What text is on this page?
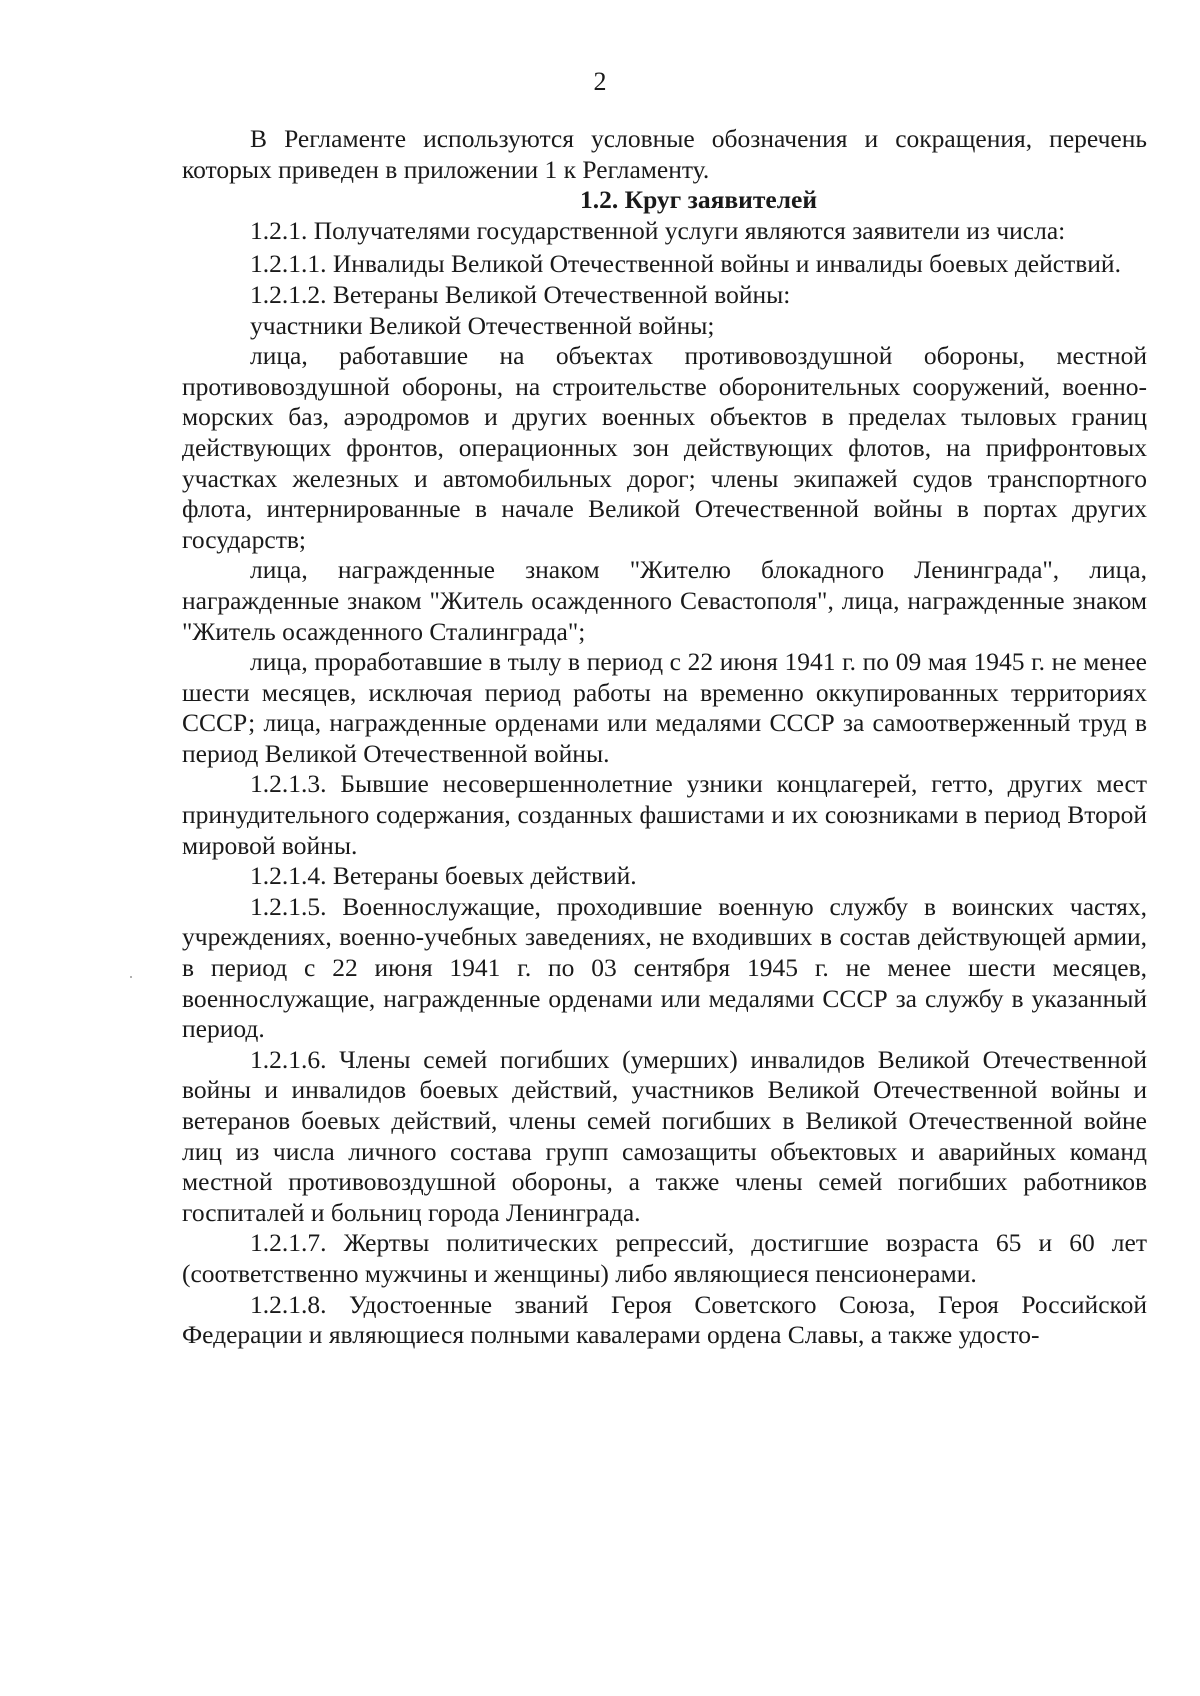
2

В Регламенте используются условные обозначения и сокращения, перечень которых приведен в приложении 1 к Регламенту.

1.2. Круг заявителей

1.2.1. Получателями государственной услуги являются заявители из числа:

1.2.1.1. Инвалиды Великой Отечественной войны и инвалиды боевых действий.

1.2.1.2. Ветераны Великой Отечественной войны:

участники Великой Отечественной войны;

лица, работавшие на объектах противовоздушной обороны, местной противовоздушной обороны, на строительстве оборонительных сооружений, военно-морских баз, аэродромов и других военных объектов в пределах тыловых границ действующих фронтов, операционных зон действующих флотов, на прифронтовых участках железных и автомобильных дорог; члены экипажей судов транспортного флота, интернированные в начале Великой Отечественной войны в портах других государств;

лица, награжденные знаком "Жителю блокадного Ленинграда", лица, награжденные знаком "Житель осажденного Севастополя", лица, награжденные знаком "Житель осажденного Сталинграда";

лица, проработавшие в тылу в период с 22 июня 1941 г. по 09 мая 1945 г. не менее шести месяцев, исключая период работы на временно оккупированных территориях СССР; лица, награжденные орденами или медалями СССР за самоотверженный труд в период Великой Отечественной войны.

1.2.1.3. Бывшие несовершеннолетние узники концлагерей, гетто, других мест принудительного содержания, созданных фашистами и их союзниками в период Второй мировой войны.

1.2.1.4. Ветераны боевых действий.

1.2.1.5. Военнослужащие, проходившие военную службу в воинских частях, учреждениях, военно-учебных заведениях, не входивших в состав действующей армии, в период с 22 июня 1941 г. по 03 сентября 1945 г. не менее шести месяцев, военнослужащие, награжденные орденами или медалями СССР за службу в указанный период.

1.2.1.6. Члены семей погибших (умерших) инвалидов Великой Отечественной войны и инвалидов боевых действий, участников Великой Отечественной войны и ветеранов боевых действий, члены семей погибших в Великой Отечественной войне лиц из числа личного состава групп самозащиты объектовых и аварийных команд местной противовоздушной обороны, а также члены семей погибших работников госпиталей и больниц города Ленинграда.

1.2.1.7. Жертвы политических репрессий, достигшие возраста 65 и 60 лет (соответственно мужчины и женщины) либо являющиеся пенсионерами.

1.2.1.8. Удостоенные званий Героя Советского Союза, Героя Российской Федерации и являющиеся полными кавалерами ордена Славы, а также удосто-
